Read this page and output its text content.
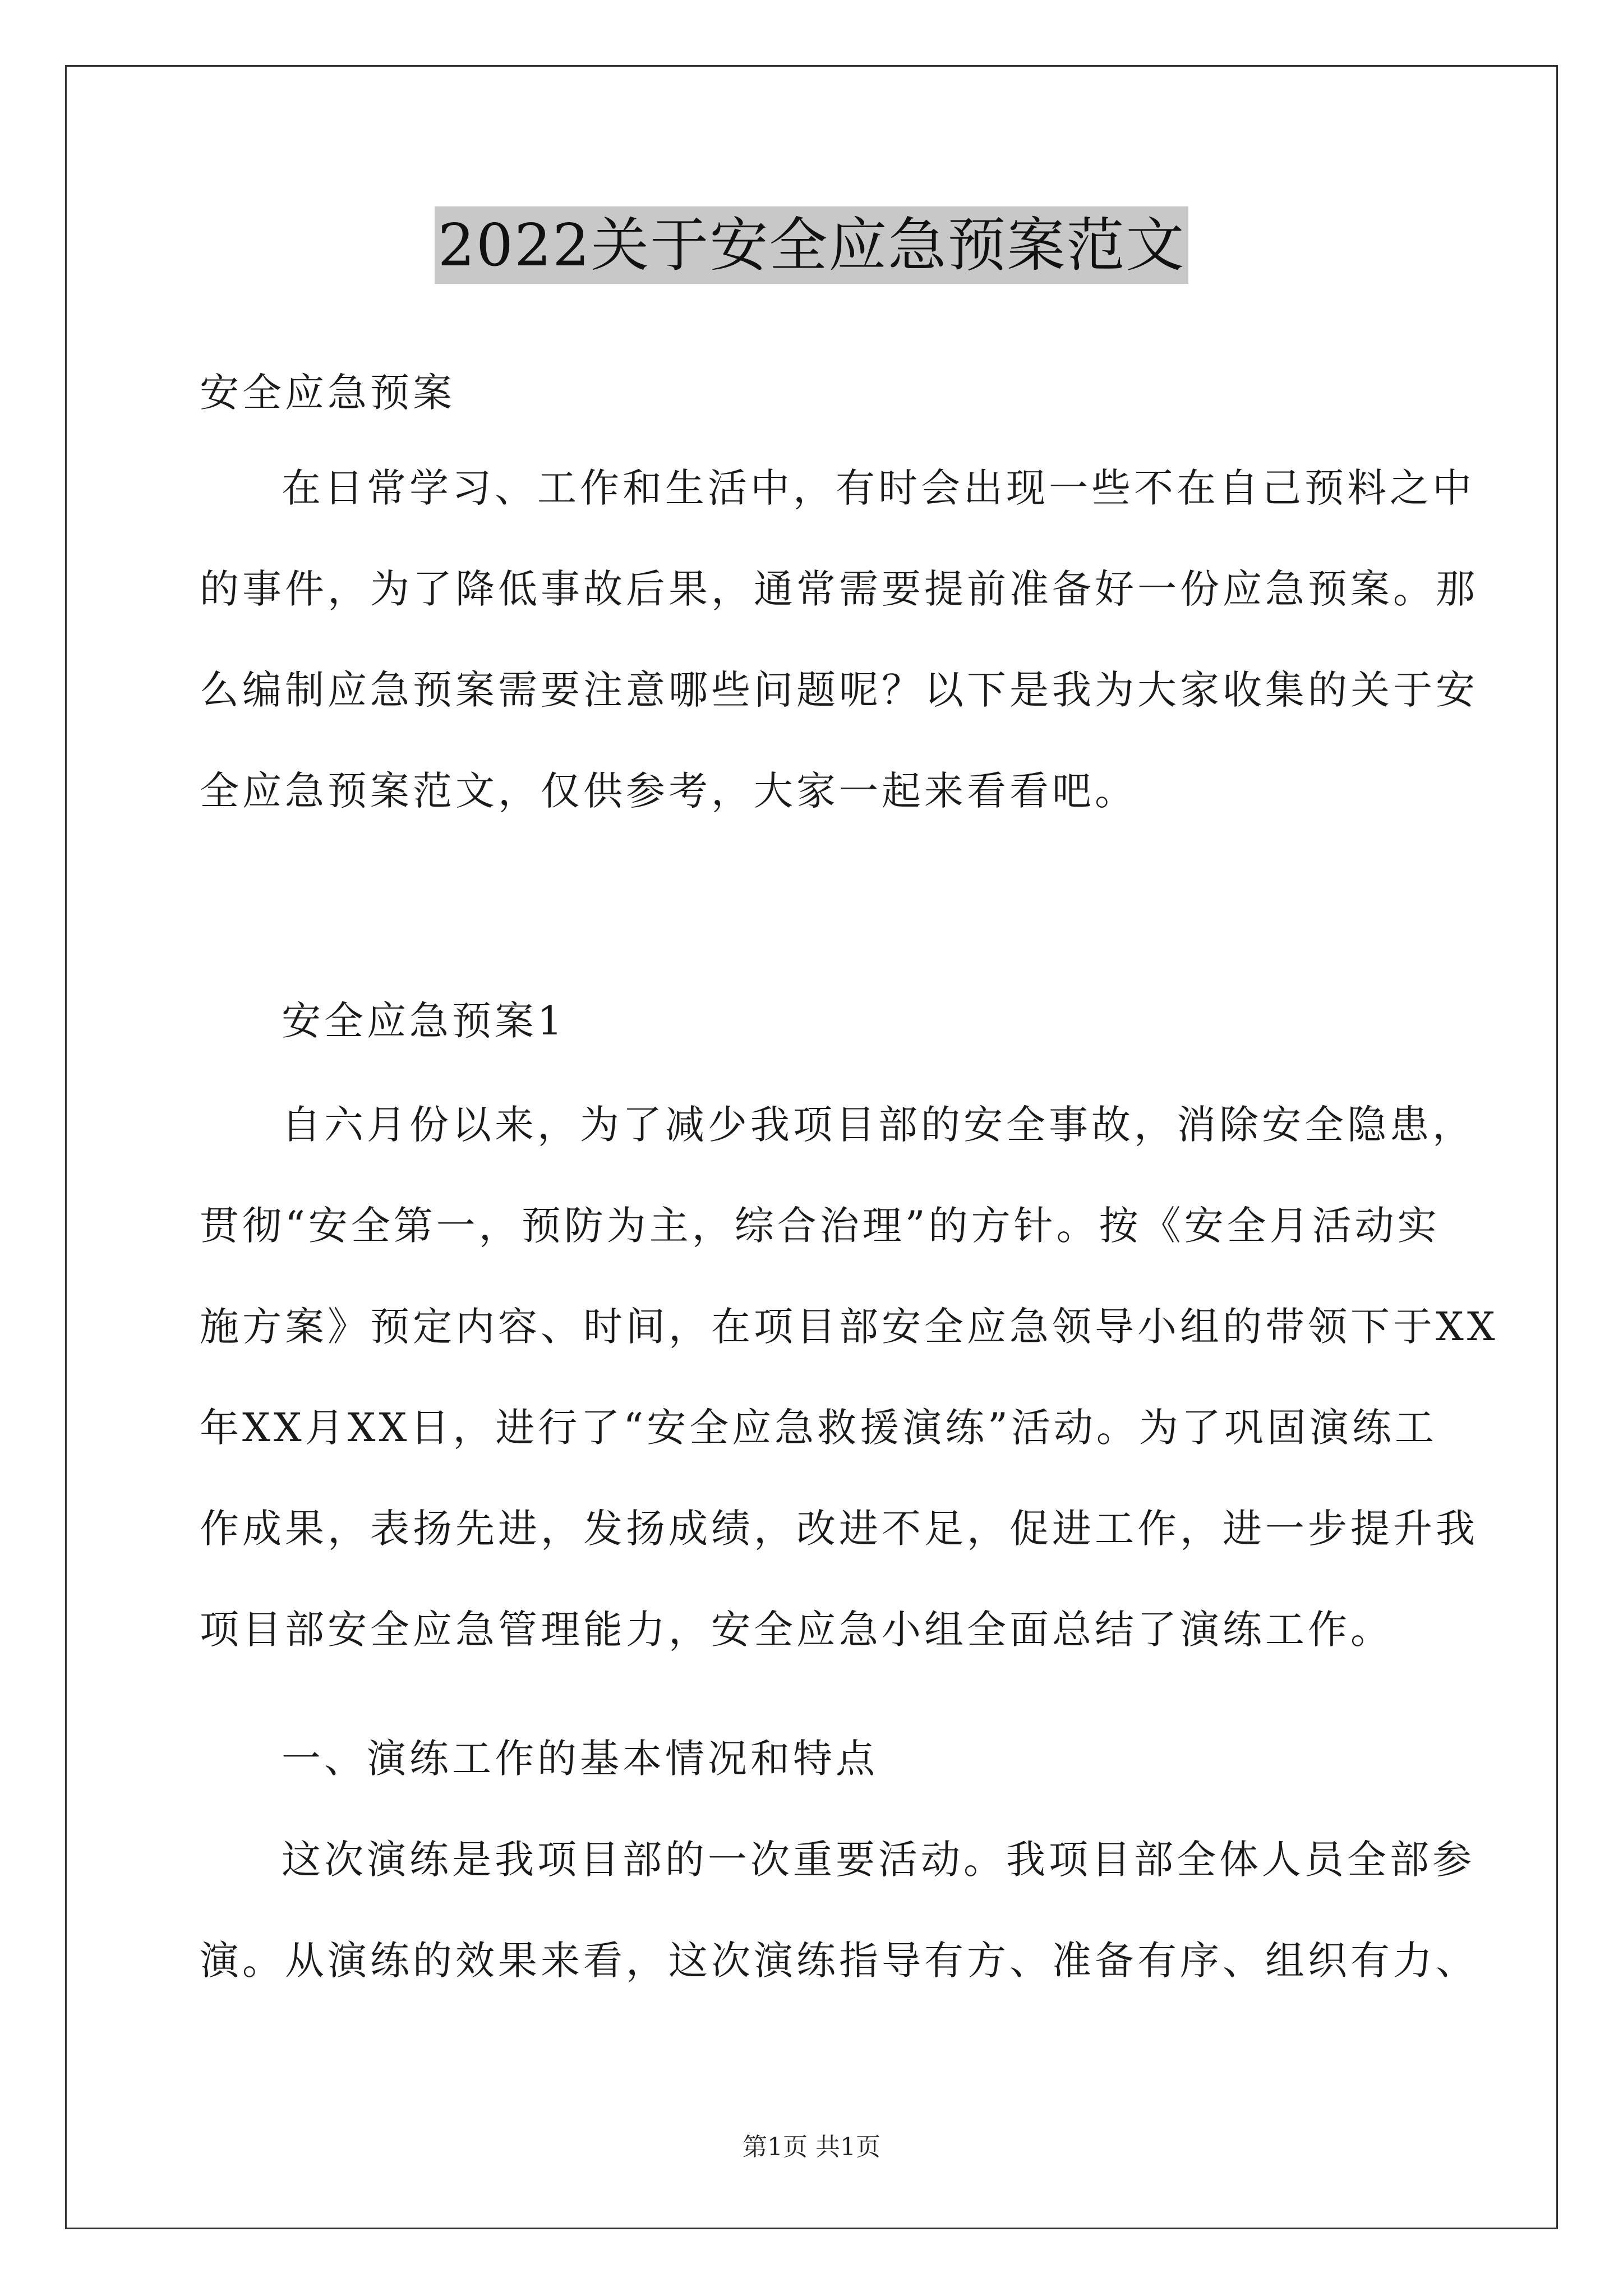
2022关于安全应急预案范文

安全应急预案

在日常学习、工作和生活中，有时会出现一些不在自己预料之中
的事件，为了降低事故后果，通常需要提前准备好一份应急预案。那
么编制应急预案需要注意哪些问题呢？以下是我为大家收集的关于安
全应急预案范文，仅供参考，大家一起来看看吧。

安全应急预案1

自六月份以来，为了减少我项目部的安全事故，消除安全隐患，
贯彻“安全第一，预防为主，综合治理”的方针。按《安全月活动实
施方案》预定内容、时间，在项目部安全应急领导小组的带领下于XX
年XX月XX日，进行了“安全应急救援演练”活动。为了巩固演练工
作成果，表扬先进，发扬成绩，改进不足，促进工作，进一步提升我
项目部安全应急管理能力，安全应急小组全面总结了演练工作。

一、演练工作的基本情况和特点

这次演练是我项目部的一次重要活动。我项目部全体人员全部参
演。从演练的效果来看，这次演练指导有方、准备有序、组织有力、
第1页 共1页
